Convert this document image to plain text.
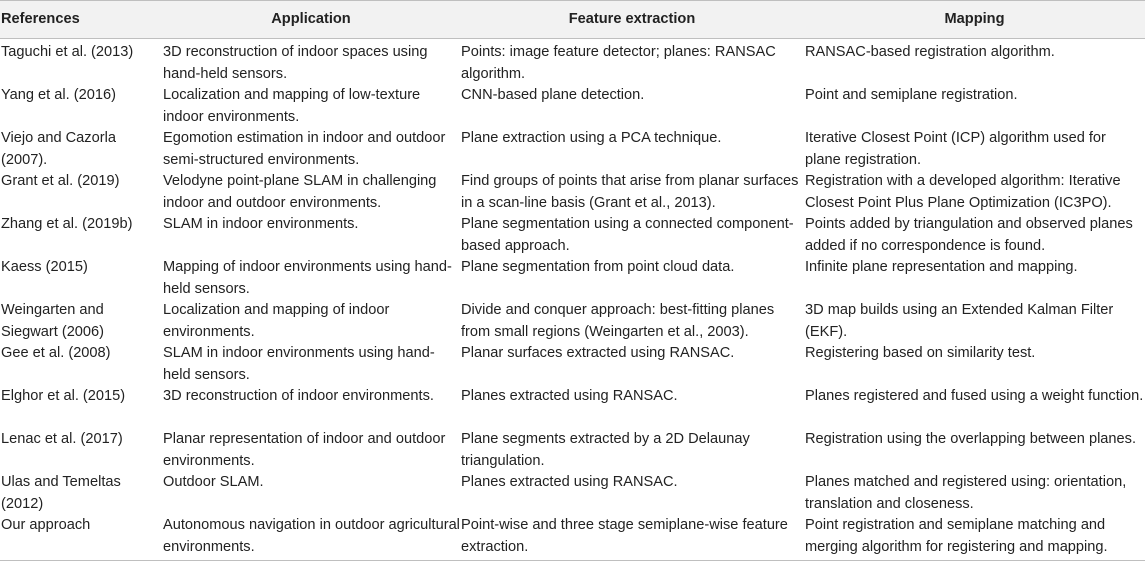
References	Application	Feature extraction	Mapping
Taguchi et al. (2013)	3D reconstruction of indoor spaces using hand-held sensors.	Points: image feature detector; planes: RANSAC algorithm.	RANSAC-based registration algorithm.
Yang et al. (2016)	Localization and mapping of low-texture indoor environments.	CNN-based plane detection.	Point and semiplane registration.
Viejo and Cazorla (2007).	Egomotion estimation in indoor and outdoor semi-structured environments.	Plane extraction using a PCA technique.	Iterative Closest Point (ICP) algorithm used for plane registration.
Grant et al. (2019)	Velodyne point-plane SLAM in challenging indoor and outdoor environments.	Find groups of points that arise from planar surfaces in a scan-line basis (Grant et al., 2013).	Registration with a developed algorithm: Iterative Closest Point Plus Plane Optimization (IC3PO).
Zhang et al. (2019b)	SLAM in indoor environments.	Plane segmentation using a connected component-based approach.	Points added by triangulation and observed planes added if no correspondence is found.
Kaess (2015)	Mapping of indoor environments using hand-held sensors.	Plane segmentation from point cloud data.	Infinite plane representation and mapping.
Weingarten and Siegwart (2006)	Localization and mapping of indoor environments.	Divide and conquer approach: best-fitting planes from small regions (Weingarten et al., 2003).	3D map builds using an Extended Kalman Filter (EKF).
Gee et al. (2008)	SLAM in indoor environments using hand-held sensors.	Planar surfaces extracted using RANSAC.	Registering based on similarity test.
Elghor et al. (2015)	3D reconstruction of indoor environments.	Planes extracted using RANSAC.	Planes registered and fused using a weight function.
Lenac et al. (2017)	Planar representation of indoor and outdoor environments.	Plane segments extracted by a 2D Delaunay triangulation.	Registration using the overlapping between planes.
Ulas and Temeltas (2012)	Outdoor SLAM.	Planes extracted using RANSAC.	Planes matched and registered using: orientation, translation and closeness.
Our approach	Autonomous navigation in outdoor agricultural environments.	Point-wise and three stage semiplane-wise feature extraction.	Point registration and semiplane matching and merging algorithm for registering and mapping.
